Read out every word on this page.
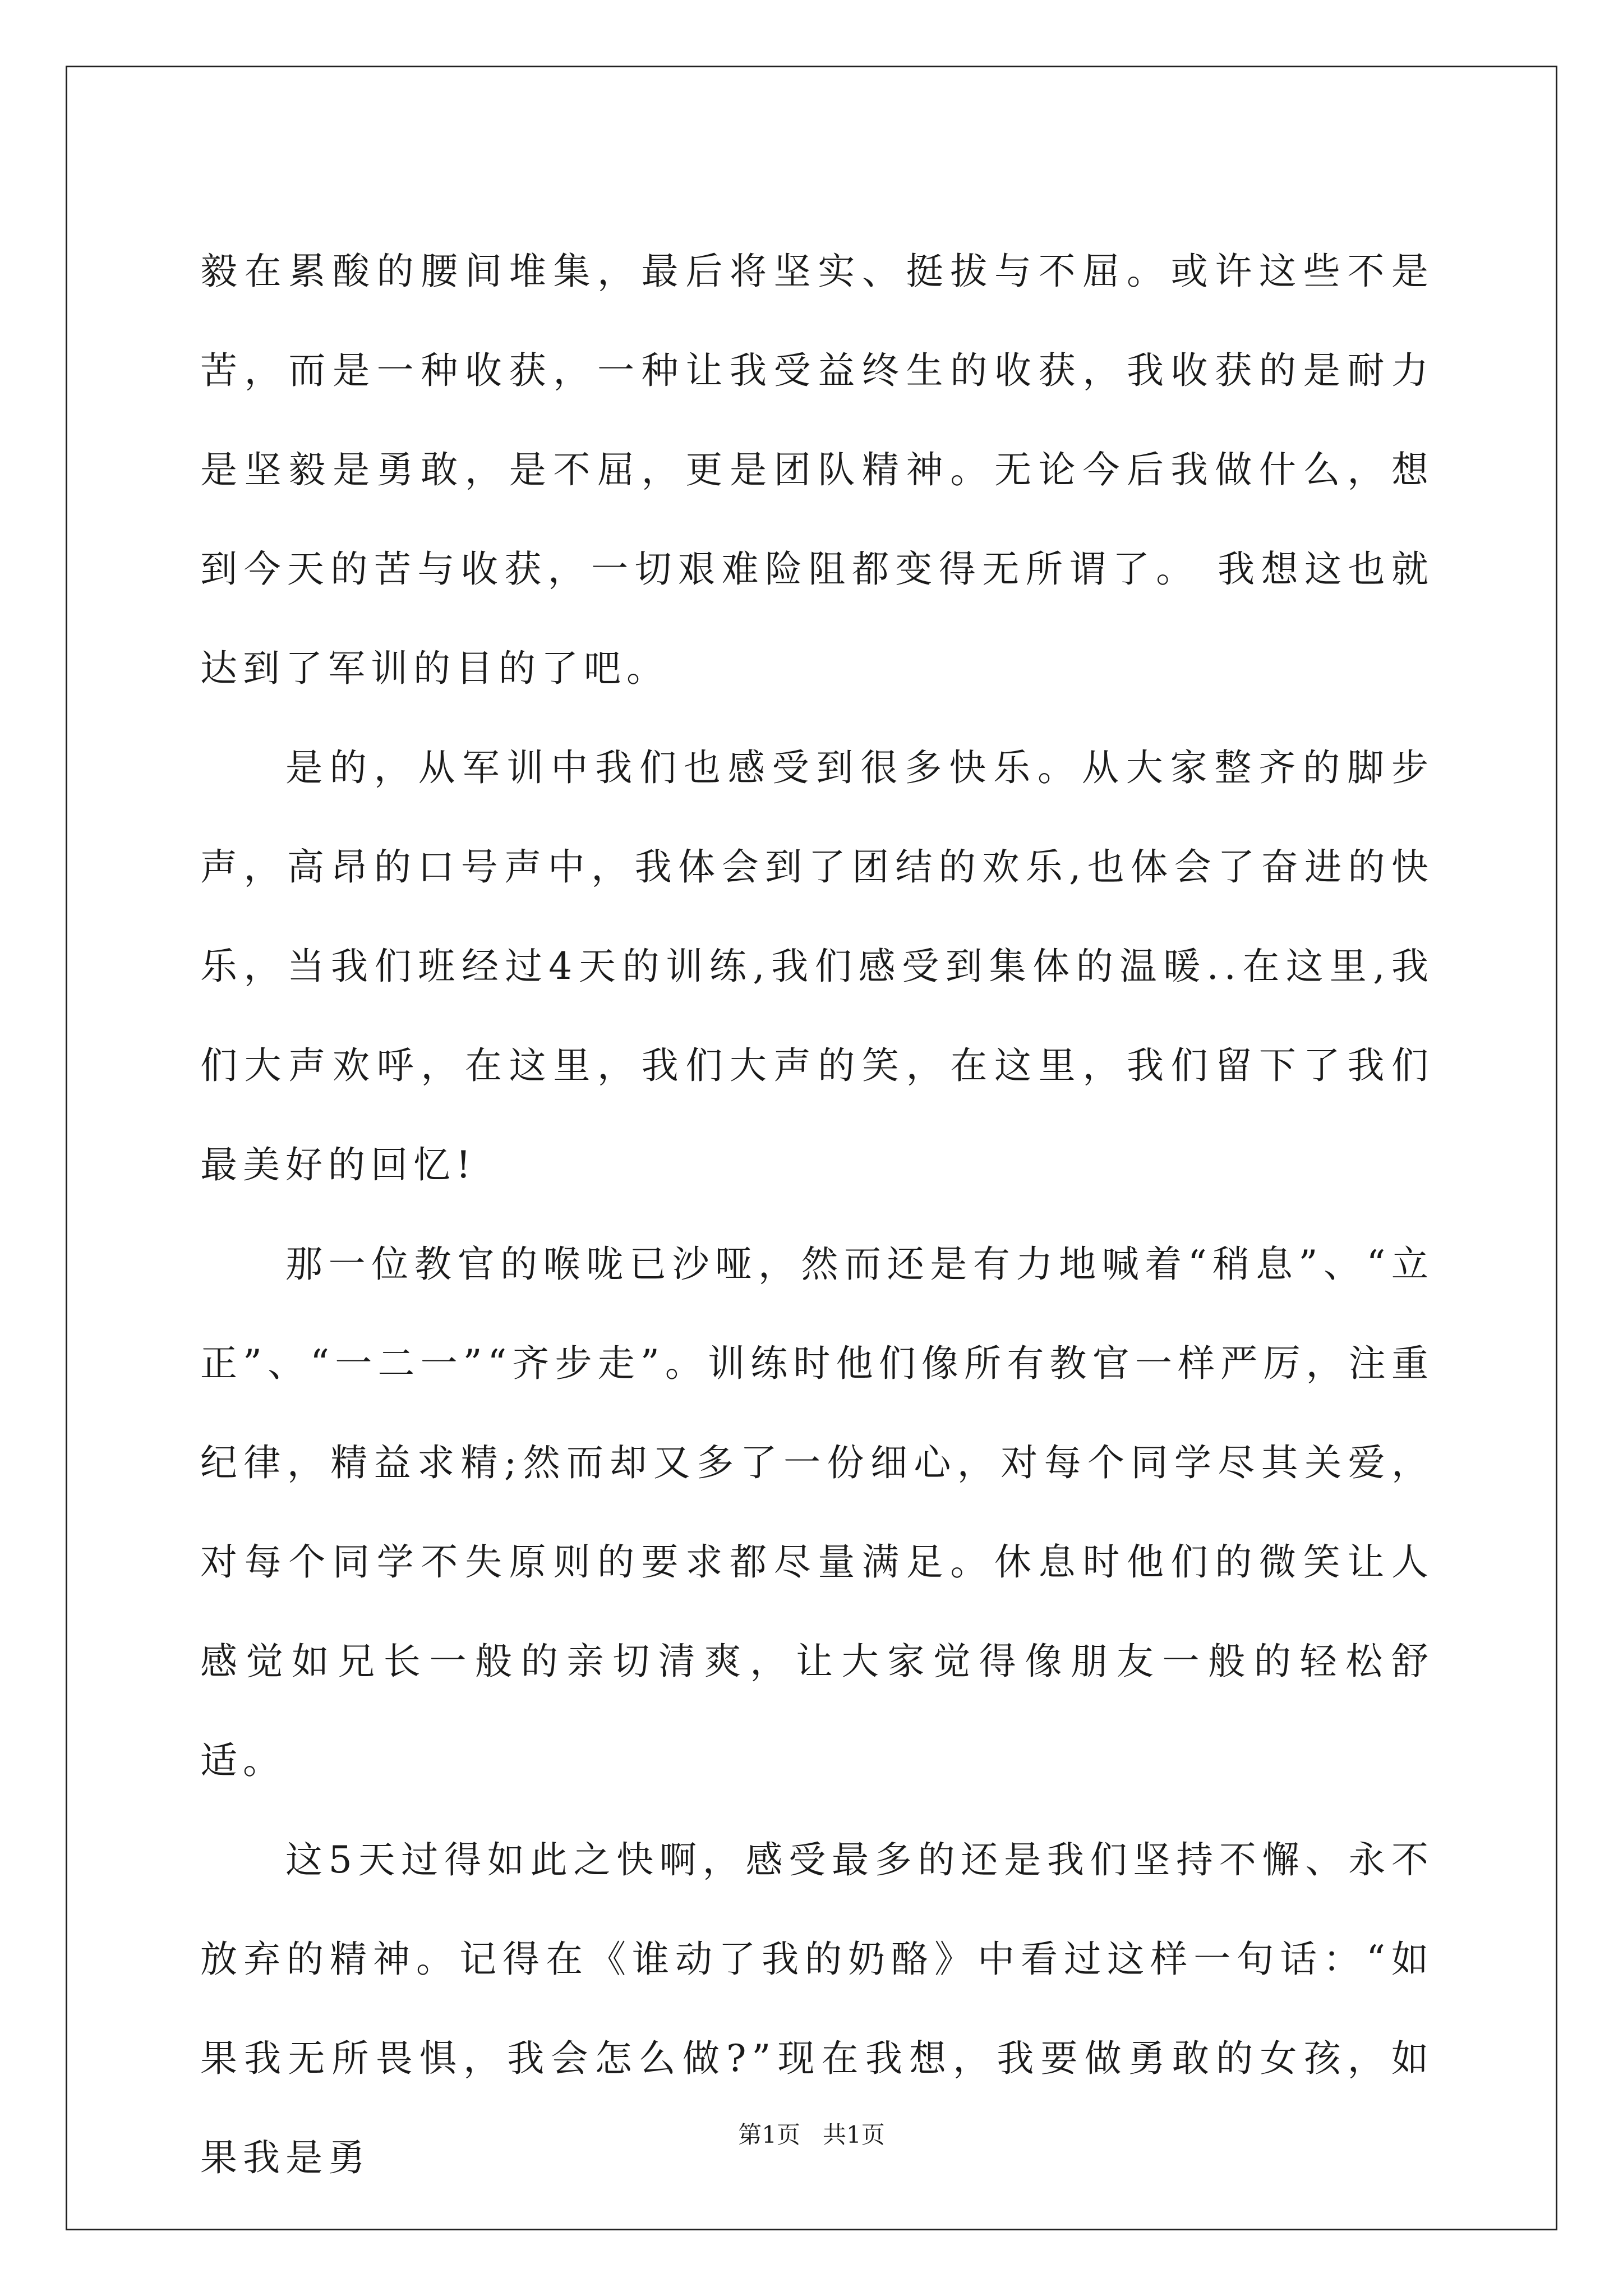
毅在累酸的腰间堆集，最后将坚实、挺拔与不屈。或许这些不是苦，而是一种收获，一种让我受益终生的收获，我收获的是耐力是坚毅是勇敢，是不屈，更是团队精神。无论今后我做什么，想到今天的苦与收获，一切艰难险阻都变得无所谓了。 我想这也就达到了军训的目的了吧。

是的，从军训中我们也感受到很多快乐。从大家整齐的脚步声，高昂的口号声中，我体会到了团结的欢乐,也体会了奋进的快乐，当我们班经过4天的训练,我们感受到集体的温暖..在这里,我们大声欢呼，在这里，我们大声的笑，在这里，我们留下了我们最美好的回忆!

那一位教官的喉咙已沙哑，然而还是有力地喊着“稍息”、“立正”、“一二一”“齐步走”。训练时他们像所有教官一样严厉，注重纪律，精益求精;然而却又多了一份细心，对每个同学尽其关爱，对每个同学不失原则的要求都尽量满足。休息时他们的微笑让人感觉如兄长一般的亲切清爽，让大家觉得像朋友一般的轻松舒适。

这5天过得如此之快啊，感受最多的还是我们坚持不懈、永不放弃的精神。记得在《谁动了我的奶酪》中看过这样一句话：“如果我无所畏惧，我会怎么做?”现在我想，我要做勇敢的女孩，如果我是勇

第1页   共1页
